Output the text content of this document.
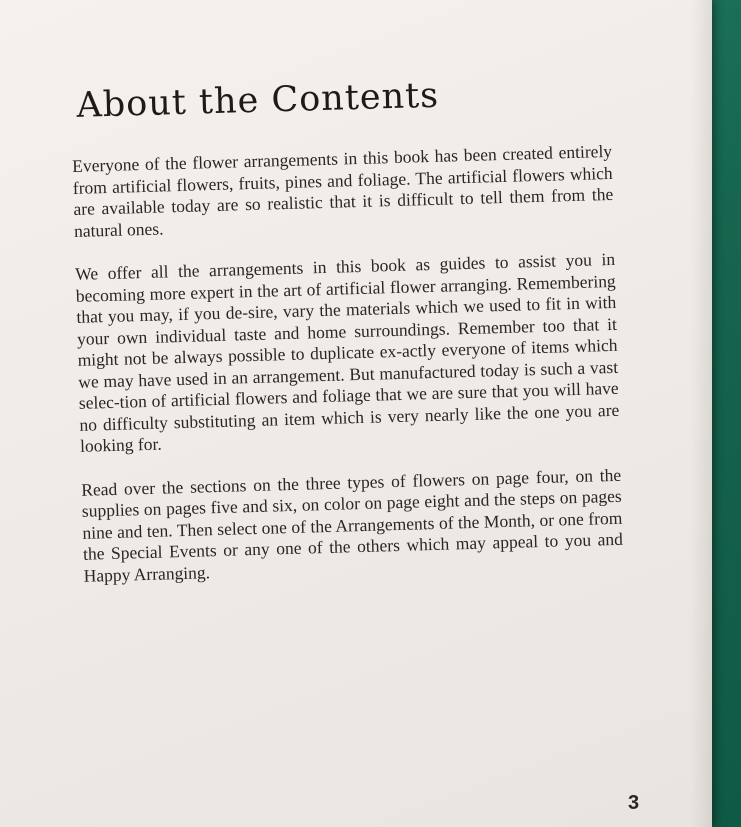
About the Contents

Everyone of the flower arrangements in this book has been created entirely from artificial flowers, fruits, pines and foliage. The artificial flowers which are available today are so realistic that it is difficult to tell them from the natural ones.

We offer all the arrangements in this book as guides to assist you in becoming more expert in the art of artificial flower arranging. Remembering that you may, if you de-sire, vary the materials which we used to fit in with your own individual taste and home surroundings. Remember too that it might not be always possible to duplicate ex-actly everyone of items which we may have used in an arrangement. But manufactured today is such a vast selec-tion of artificial flowers and foliage that we are sure that you will have no difficulty substituting an item which is very nearly like the one you are looking for.

Read over the sections on the three types of flowers on page four, on the supplies on pages five and six, on color on page eight and the steps on pages nine and ten. Then select one of the Arrangements of the Month, or one from the Special Events or any one of the others which may appeal to you and Happy Arranging.

3
